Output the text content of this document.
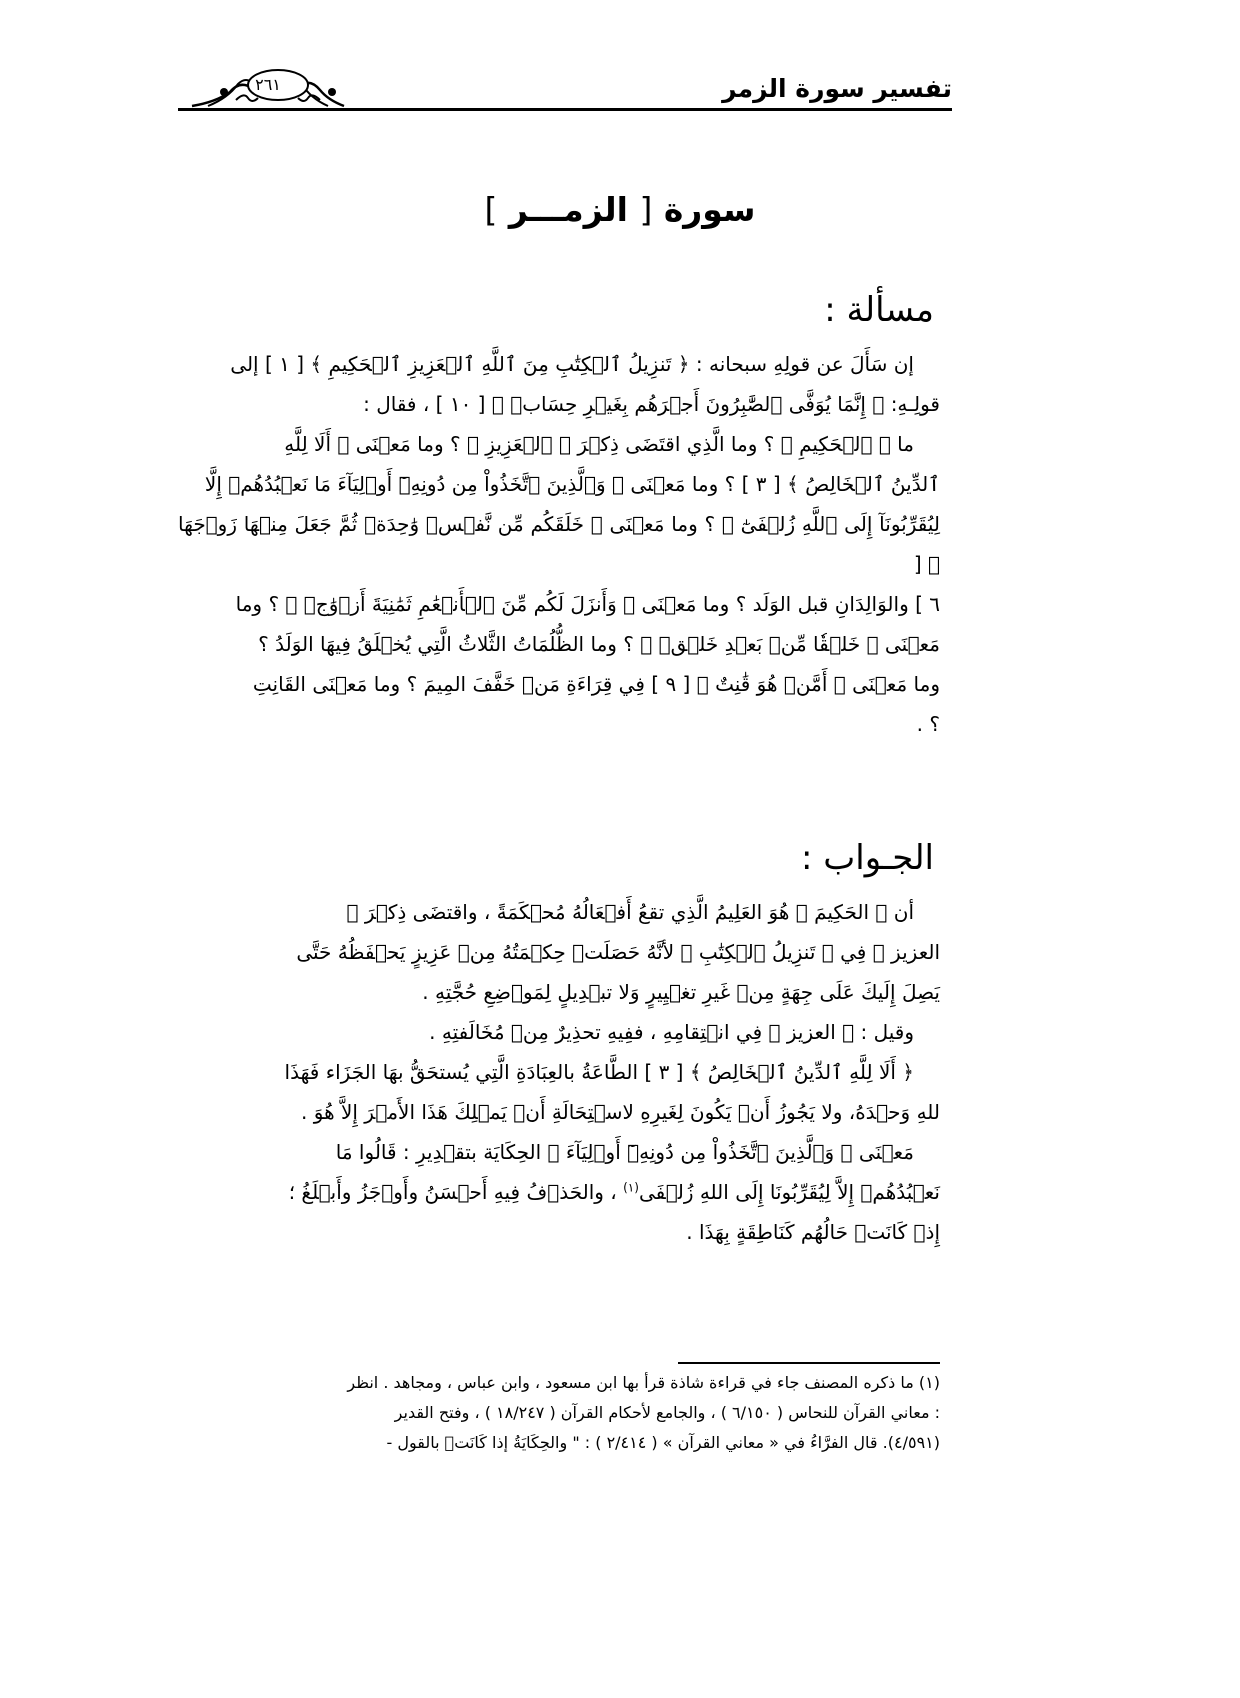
تفسير سورة الزمر
٢٦١
سورة [ الزمـــر ]
مسألة :

إن سَأَلَ عن قولِهِ سبحانه : ﴿ تَنزِيلُ ٱلۡكِتَٰبِ مِنَ ٱللَّهِ ٱلۡعَزِيزِ ٱلۡحَكِيمِ ﴾ [ ١ ] إلى

قولِـهِ: ﴿ إِنَّمَا يُوَفَّى ٱلصَّٰبِرُونَ أَجۡرَهُم بِغَيۡرِ حِسَابٖ ﴾ [ ١٠ ] ، فقال :

ما ﴿ ٱلۡحَكِيمِ ﴾ ؟ وما الَّذِي اقتَضَى ذِكۡرَ ﴿ ٱلۡعَزِيزِ ﴾ ؟ وما مَعۡنَى ﴿ أَلَا لِلَّهِ

ٱلدِّينُ ٱلۡخَالِصُ ﴾ [ ٣ ] ؟ وما مَعۡنَى ﴿ وَٱلَّذِينَ ٱتَّخَذُواْ مِن دُونِهِۦٓ أَوۡلِيَآءَ مَا نَعۡبُدُهُمۡ إِلَّا

لِيُقَرِّبُونَآ إِلَى ٱللَّهِ زُلۡفَىٰٓ ﴾ ؟ وما مَعۡنَى ﴿ خَلَقَكُم مِّن نَّفۡسٖ وَٰحِدَةٖ ثُمَّ جَعَلَ مِنۡهَا زَوۡجَهَا ﴾ [

٦ ] والوَالِدَانِ قبل الوَلَد ؟ وما مَعۡنَى ﴿ وَأَنزَلَ لَكُم مِّنَ ٱلۡأَنۡعَٰمِ ثَمَٰنِيَةَ أَزۡوَٰجٖ ﴾ ؟ وما

مَعۡنَى ﴿ خَلۡقٗا مِّنۢ بَعۡدِ خَلۡقٖ ﴾ ؟ وما الظُّلُمَاتُ الثَّلاثُ الَّتِي يُخۡلَقُ فِيهَا الوَلَدُ ؟

وما مَعۡنَى ﴿ أَمَّنۡ هُوَ قَٰنِتٌ ﴾ [ ٩ ] فِي قِرَاءَةِ مَنۡ خَفَّفَ المِيمَ ؟ وما مَعۡنَى القَانِتِ

؟ .

الجـواب :

أن ﴿ الحَكِيمَ ﴾ هُوَ العَلِيمُ الَّذِي تقعُ أَفۡعَالُهُ مُحۡكَمَةً ، واقتضَى ذِكۡرَ ﴿

العزيز ﴾ فِي ﴿ تَنزِيلُ ٱلۡكِتَٰبِ ﴾ لأنَّهُ حَصَلَتۡ حِكۡمَتُهُ مِنۡ عَزِيزٍ يَحۡفَظُهُ حَتَّى

يَصِلَ إِلَيكَ عَلَى جِهَةٍ مِنۡ غَيرِ تغۡيِيرٍ وَلا تبۡدِيلٍ لِمَوۡضِعِ حُجَّتِهِ .

وقيل : ﴿ العزيز ﴾ فِي انۡتِقامِهِ ، ففِيهِ تحذِيرٌ مِنۡ مُخَالَفتِهِ .

﴿ أَلَا لِلَّهِ ٱلدِّينُ ٱلۡخَالِصُ ﴾ [ ٣ ] الطَّاعَةُ بالعِبَادَةِ الَّتِي يُستحَقُّ بهَا الجَزَاء فَهَذَا

للهِ وَحۡدَهُ، ولا يَجُوزُ أَنۡ يَكُونَ لِغَيرِهِ لاسۡتِحَالَةِ أَنۡ يَمۡلِكَ هَذَا الأَمۡرَ إِلاَّ هُوَ .

مَعۡنَى ﴿ وَٱلَّذِينَ ٱتَّخَذُواْ مِن دُونِهِۦٓ أَوۡلِيَآءَ ﴾ الحِكَايَة بتقۡدِيرِ : قَالُوا مَا

نَعۡبُدُهُمۡ إِلاَّ لِيُقَرِّبُونَا إِلَى اللهِ زُلۡفَى$^{(١)}$ ، والحَذۡفُ فِيهِ أَحۡسَنُ وأَوۡجَزُ وأَبۡلَغُ ؛

إِذۡ كَانَتۡ حَالُهُم كَنَاطِقَةٍ بِهَذَا .

(١) ما ذكره المصنف جاء في قراءة شاذة قرأ بها ابن مسعود ، وابن عباس ، ومجاهد . انظر

: معاني القرآن للنحاس ( ٦/١٥٠ ) ، والجامع لأحكام القرآن ( ١٨/٢٤٧ ) ، وفتح القدير

(٤/٥٩١). قال الفرَّاءُ في « معاني القرآن » ( ٢/٤١٤ ) : " والحِكَايَةُ إذا كَانَتۡ بالقول -
